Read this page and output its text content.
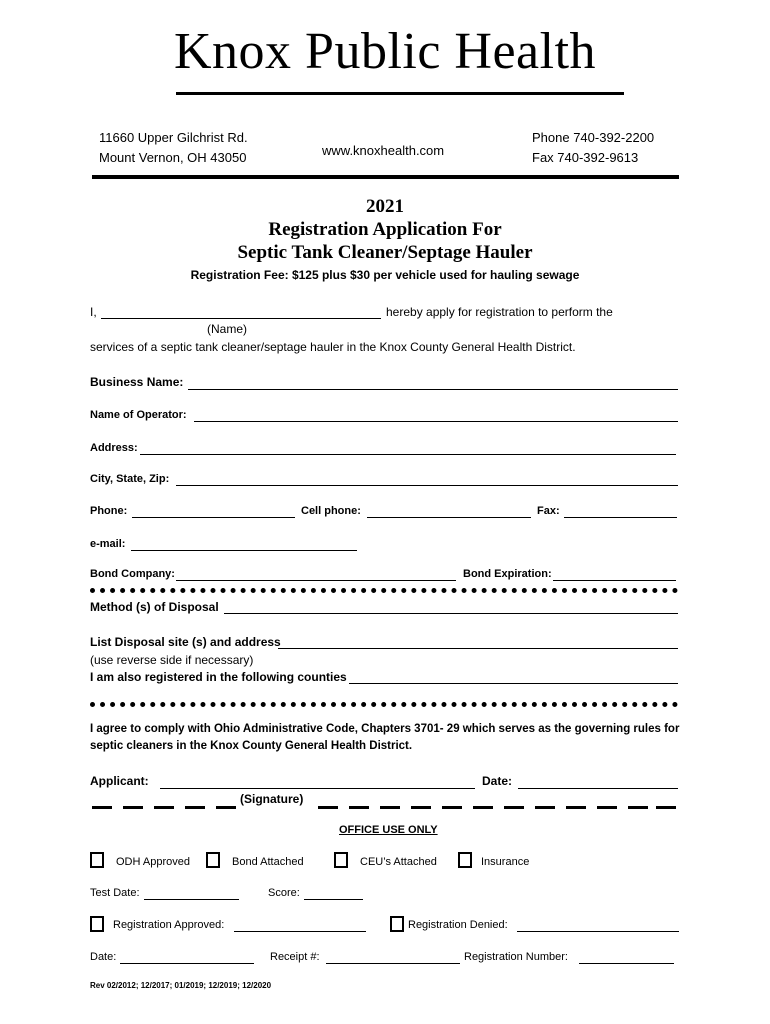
Knox Public Health
11660 Upper Gilchrist Rd.
Mount Vernon, OH 43050	www.knoxhealth.com
Phone 740-392-2200
Fax 740-392-9613
2021
Registration Application For
Septic Tank Cleaner/Septage Hauler
Registration Fee: $125 plus $30 per vehicle used for hauling sewage
I,	hereby apply for registration to perform the
(Name)
services of a septic tank cleaner/septage hauler in the Knox County General Health District.
Business Name:
Name of Operator:
Address:
City, State, Zip:
Phone:	Cell phone:	Fax:
e-mail:
Bond Company:	Bond Expiration:
Method (s) of Disposal
List Disposal site (s) and address
(use reverse side if necessary)
I am also registered in the following counties
I agree to comply with Ohio Administrative Code, Chapters 3701- 29 which serves as the governing rules for
septic cleaners in the Knox County General Health District.
Applicant:	Date:
(Signature)
OFFICE USE ONLY
ODH Approved	Bond Attached	CEU’s Attached	Insurance
Test Date:	Score:
Registration Approved:	Registration Denied:
Date:	Receipt #:	Registration Number:
Rev 02/2012; 12/2017; 01/2019; 12/2019; 12/2020
